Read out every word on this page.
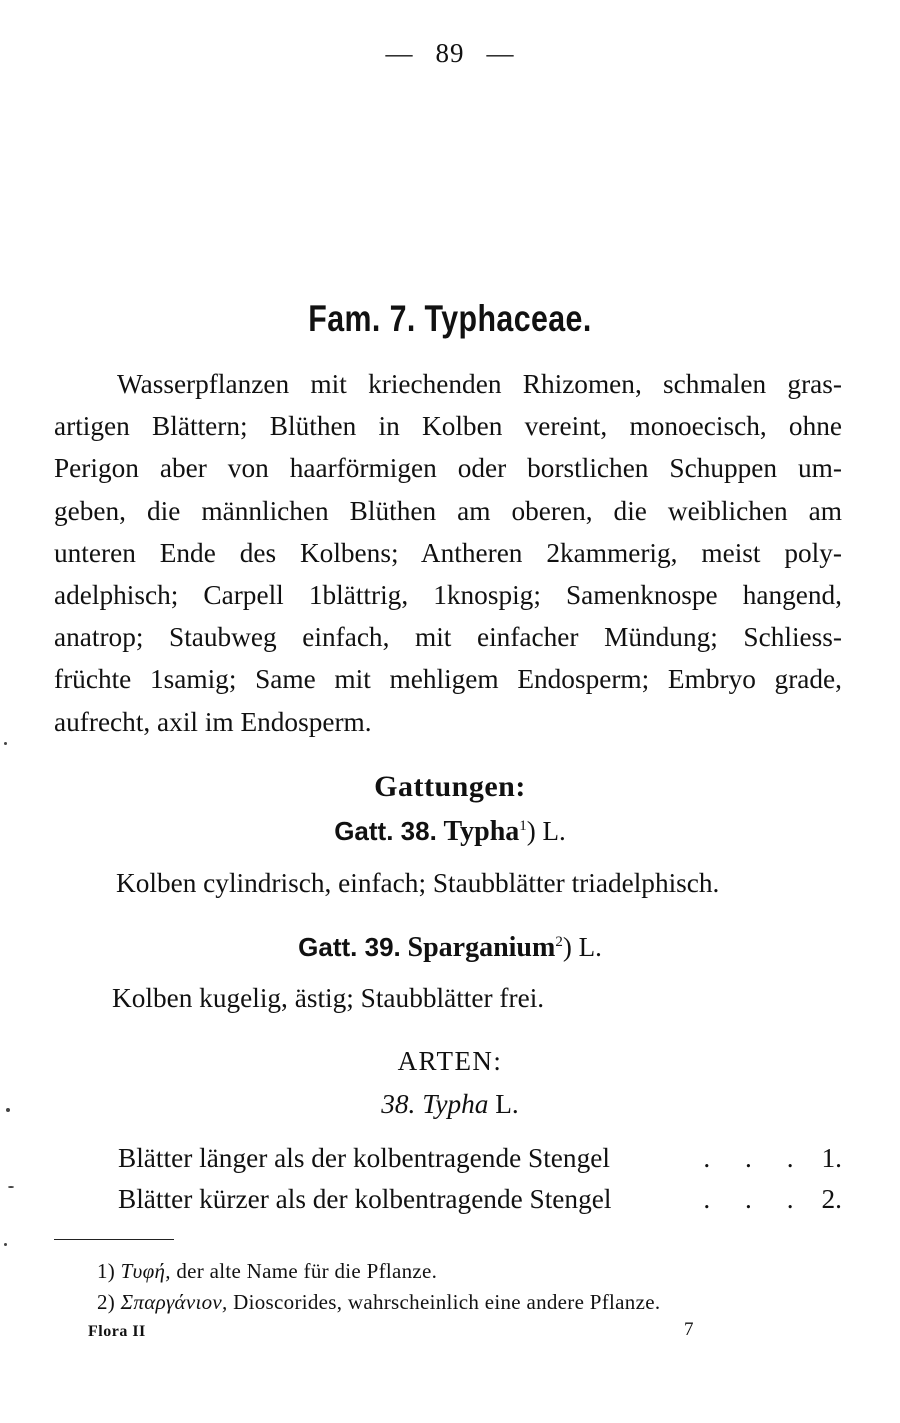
— 89 —
Fam. 7. Typhaceae.
Wasserpflanzen mit kriechenden Rhizomen, schmalen gras-
artigen Blättern; Blüthen in Kolben vereint, monoecisch, ohne
Perigon aber von haarförmigen oder borstlichen Schuppen um-
geben, die männlichen Blüthen am oberen, die weiblichen am
unteren Ende des Kolbens; Antheren 2kammerig, meist poly-
adelphisch; Carpell 1blättrig, 1knospig; Samenknospe hangend,
anatrop; Staubweg einfach, mit einfacher Mündung; Schliess-
früchte 1samig; Same mit mehligem Endosperm; Embryo grade,
aufrecht, axil im Endosperm.
Gattungen:
Gatt. 38. Typha$^1$) L.
Kolben cylindrisch, einfach; Staubblätter triadelphisch.
Gatt. 39. Sparganium$^2$) L.
Kolben kugelig, ästig; Staubblätter frei.
ARTEN:
38. Typha L.
Blätter länger als der kolbentragende Stengel	. . . 1.
Blätter kürzer als der kolbentragende Stengel	. . . 2.
1) Τυφή, der alte Name für die Pflanze.
2) Σπαργάνιον, Dioscorides, wahrscheinlich eine andere Pflanze.
Flora II	7
